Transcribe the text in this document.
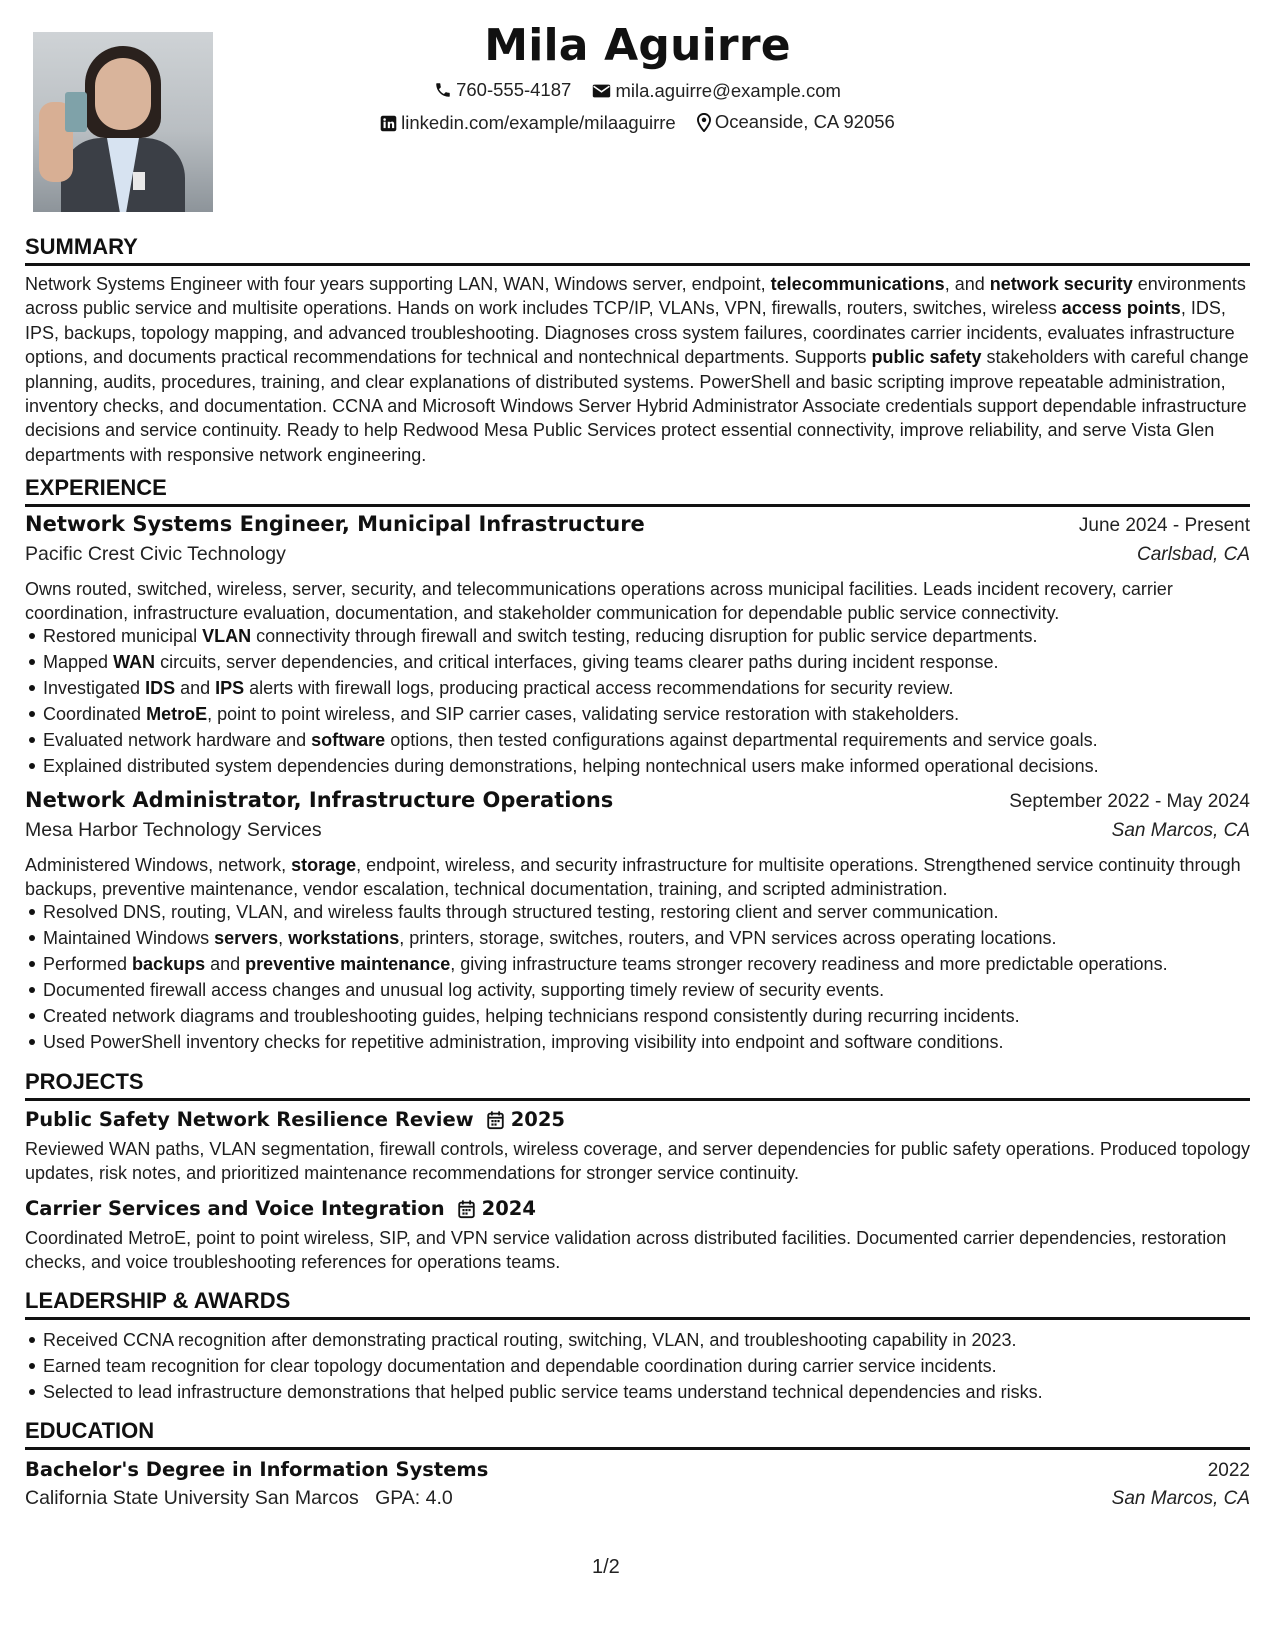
Mila Aguirre
760-555-4187
mila.aguirre@example.com
linkedin.com/example/milaaguirre
Oceanside, CA 92056
SUMMARY
Network Systems Engineer with four years supporting LAN, WAN, Windows server, endpoint, telecommunications, and network security environments across public service and multisite operations. Hands on work includes TCP/IP, VLANs, VPN, firewalls, routers, switches, wireless access points, IDS, IPS, backups, topology mapping, and advanced troubleshooting. Diagnoses cross system failures, coordinates carrier incidents, evaluates infrastructure options, and documents practical recommendations for technical and nontechnical departments. Supports public safety stakeholders with careful change planning, audits, procedures, training, and clear explanations of distributed systems. PowerShell and basic scripting improve repeatable administration, inventory checks, and documentation. CCNA and Microsoft Windows Server Hybrid Administrator Associate credentials support dependable infrastructure decisions and service continuity. Ready to help Redwood Mesa Public Services protect essential connectivity, improve reliability, and serve Vista Glen departments with responsive network engineering.
EXPERIENCE
Network Systems Engineer, Municipal Infrastructure	June 2024 - Present
Pacific Crest Civic Technology	Carlsbad, CA
Owns routed, switched, wireless, server, security, and telecommunications operations across municipal facilities. Leads incident recovery, carrier coordination, infrastructure evaluation, documentation, and stakeholder communication for dependable public service connectivity.
Restored municipal VLAN connectivity through firewall and switch testing, reducing disruption for public service departments.
Mapped WAN circuits, server dependencies, and critical interfaces, giving teams clearer paths during incident response.
Investigated IDS and IPS alerts with firewall logs, producing practical access recommendations for security review.
Coordinated MetroE, point to point wireless, and SIP carrier cases, validating service restoration with stakeholders.
Evaluated network hardware and software options, then tested configurations against departmental requirements and service goals.
Explained distributed system dependencies during demonstrations, helping nontechnical users make informed operational decisions.
Network Administrator, Infrastructure Operations	September 2022 - May 2024
Mesa Harbor Technology Services	San Marcos, CA
Administered Windows, network, storage, endpoint, wireless, and security infrastructure for multisite operations. Strengthened service continuity through backups, preventive maintenance, vendor escalation, technical documentation, training, and scripted administration.
Resolved DNS, routing, VLAN, and wireless faults through structured testing, restoring client and server communication.
Maintained Windows servers, workstations, printers, storage, switches, routers, and VPN services across operating locations.
Performed backups and preventive maintenance, giving infrastructure teams stronger recovery readiness and more predictable operations.
Documented firewall access changes and unusual log activity, supporting timely review of security events.
Created network diagrams and troubleshooting guides, helping technicians respond consistently during recurring incidents.
Used PowerShell inventory checks for repetitive administration, improving visibility into endpoint and software conditions.
PROJECTS
Public Safety Network Resilience Review 2025
Reviewed WAN paths, VLAN segmentation, firewall controls, wireless coverage, and server dependencies for public safety operations. Produced topology updates, risk notes, and prioritized maintenance recommendations for stronger service continuity.
Carrier Services and Voice Integration 2024
Coordinated MetroE, point to point wireless, SIP, and VPN service validation across distributed facilities. Documented carrier dependencies, restoration checks, and voice troubleshooting references for operations teams.
LEADERSHIP & AWARDS
Received CCNA recognition after demonstrating practical routing, switching, VLAN, and troubleshooting capability in 2023.
Earned team recognition for clear topology documentation and dependable coordination during carrier service incidents.
Selected to lead infrastructure demonstrations that helped public service teams understand technical dependencies and risks.
EDUCATION
Bachelor's Degree in Information Systems	2022
California State University San Marcos GPA: 4.0	San Marcos, CA
1/2
